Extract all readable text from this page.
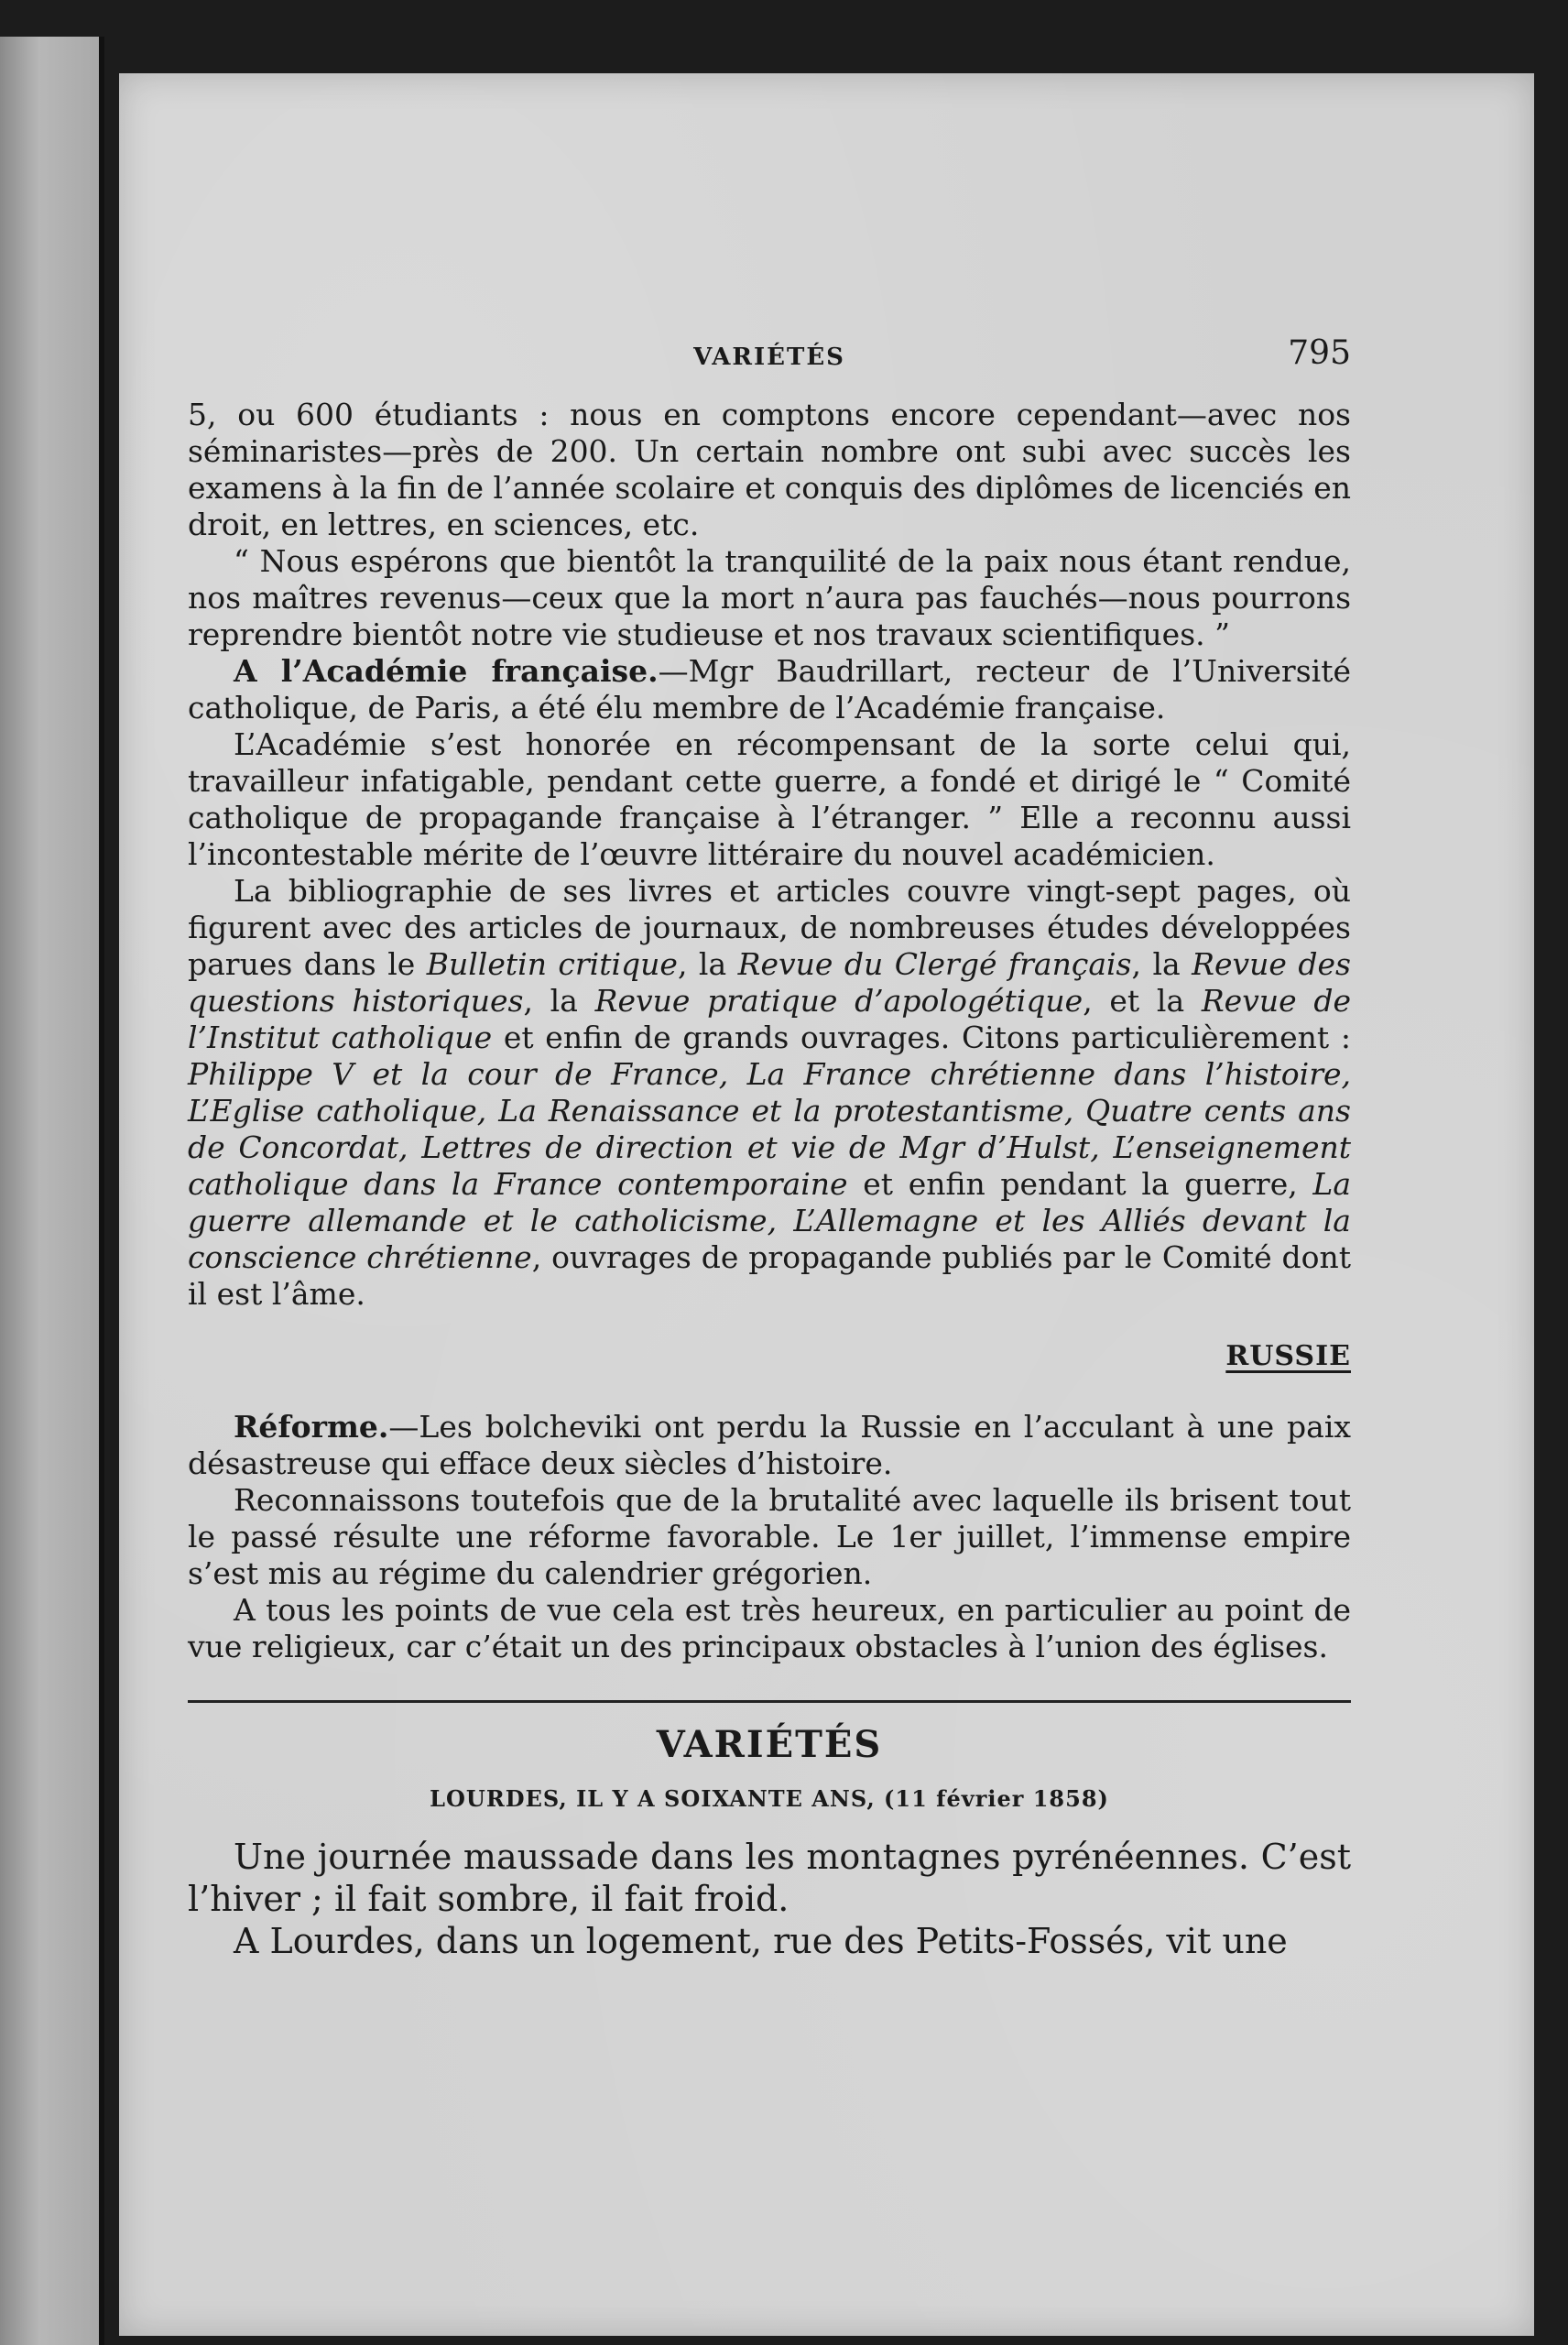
VARIÉTÉS	795

5, ou 600 étudiants : nous en comptons encore cependant—avec nos séminaristes—près de 200. Un certain nombre ont subi avec succès les examens à la fin de l’année scolaire et conquis des diplômes de licenciés en droit, en lettres, en sciences, etc.

“ Nous espérons que bientôt la tranquilité de la paix nous étant rendue, nos maîtres revenus—ceux que la mort n’aura pas fauchés—nous pourrons reprendre bientôt notre vie studieuse et nos travaux scientifiques. ”

A l’Académie française.—Mgr Baudrillart, recteur de l’Université catholique, de Paris, a été élu membre de l’Académie française.

L’Académie s’est honorée en récompensant de la sorte celui qui, travailleur infatigable, pendant cette guerre, a fondé et dirigé le “ Comité catholique de propagande française à l’étranger. ” Elle a reconnu aussi l’incontestable mérite de l’œuvre littéraire du nouvel académicien.

La bibliographie de ses livres et articles couvre vingt-sept pages, où figurent avec des articles de journaux, de nombreuses études développées parues dans le Bulletin critique, la Revue du Clergé français, la Revue des questions historiques, la Revue pratique d’apologétique, et la Revue de l’Institut catholique et enfin de grands ouvrages. Citons particulièrement : Philippe V et la cour de France, La France chrétienne dans l’histoire, L’Eglise catholique, La Renaissance et la protestantisme, Quatre cents ans de Concordat, Lettres de direction et vie de Mgr d’Hulst, L’enseignement catholique dans la France contemporaine et enfin pendant la guerre, La guerre allemande et le catholicisme, L’Allemagne et les Alliés devant la conscience chrétienne, ouvrages de propagande publiés par le Comité dont il est l’âme.

RUSSIE

Réforme.—Les bolcheviki ont perdu la Russie en l’acculant à une paix désastreuse qui efface deux siècles d’histoire.

Reconnaissons toutefois que de la brutalité avec laquelle ils brisent tout le passé résulte une réforme favorable. Le 1er juillet, l’immense empire s’est mis au régime du calendrier grégorien.

A tous les points de vue cela est très heureux, en particulier au point de vue religieux, car c’était un des principaux obstacles à l’union des églises.

VARIÉTÉS
LOURDES, IL Y A SOIXANTE ANS, (11 février 1858)

Une journée maussade dans les montagnes pyrénéennes. C’est l’hiver ; il fait sombre, il fait froid.

A Lourdes, dans un logement, rue des Petits-Fossés, vit une
